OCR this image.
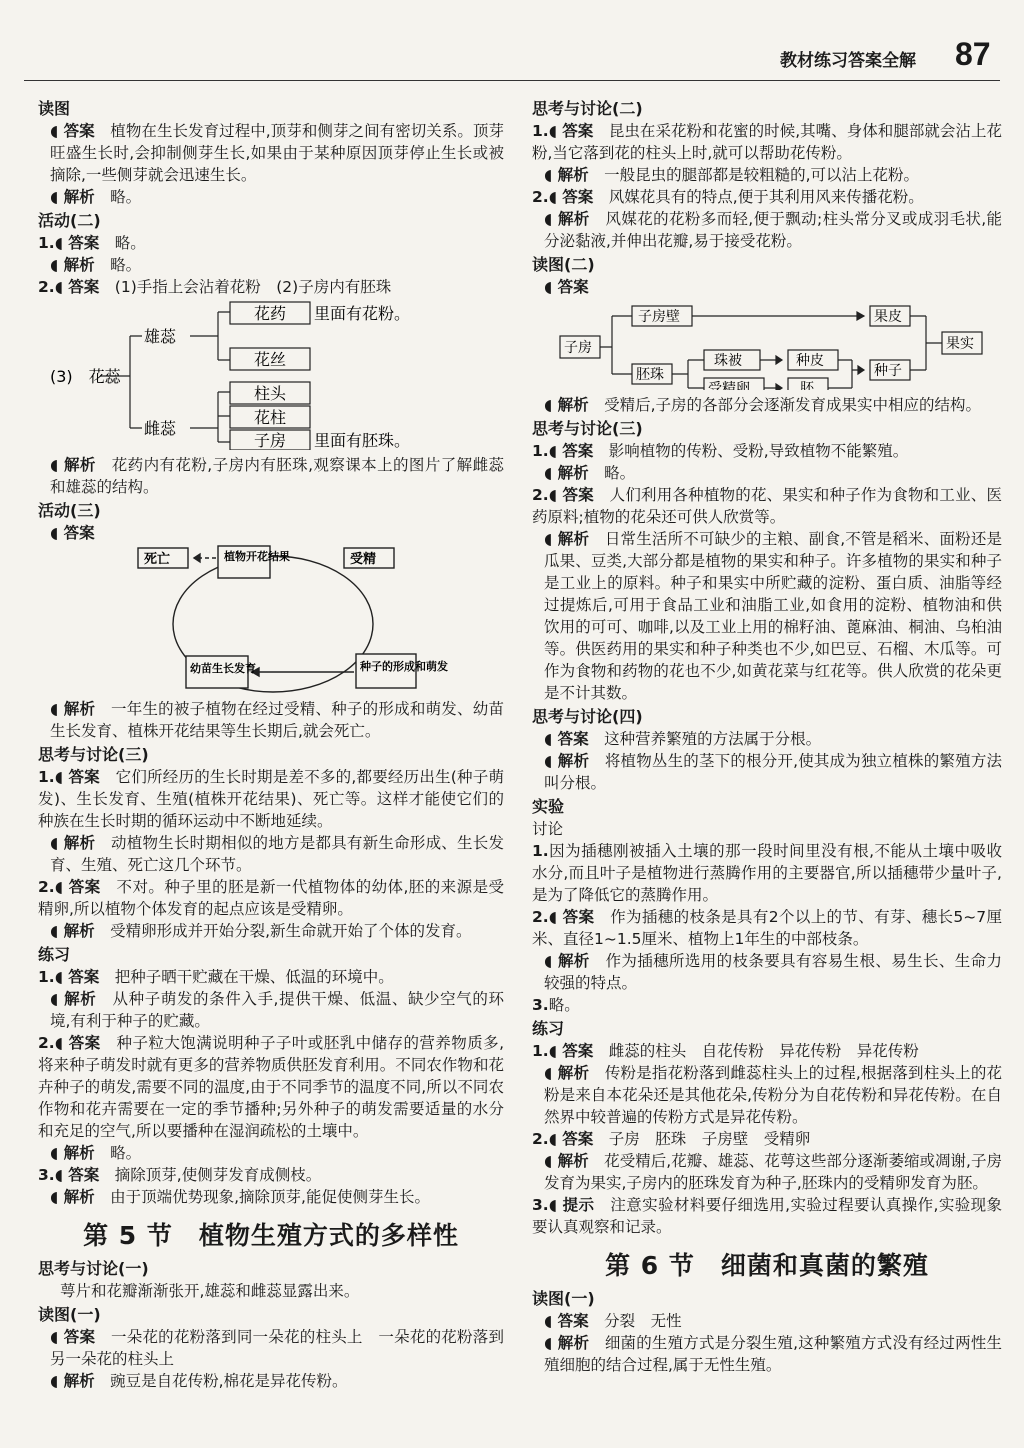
教材练习答案全解 87
读图
◖ 答案　 植物在生长发育过程中,顶芽和侧芽之间有密切关系。顶芽旺盛生长时,会抑制侧芽生长,如果由于某种原因顶芽停止生长或被摘除,一些侧芽就会迅速生长。
◖ 解析　 略。
活动(二)
1.◖ 答案　 略。
◖ 解析　 略。
2.◖ 答案　 (1)手指上会沾着花粉　(2)子房内有胚珠
(3)　花蕊
雄蕊
雌蕊
花药
花丝
柱头
花柱
子房
里面有花粉。
里面有胚珠。
◖ 解析　 花药内有花粉,子房内有胚珠,观察课本上的图片了解雌蕊和雄蕊的结构。
活动(三)
◖ 答案　
死亡	植物开花结果	受精
种子的形成和萌发
幼苗生长发育
◖ 解析　 一年生的被子植物在经过受精、种子的形成和萌发、幼苗生长发育、植株开花结果等生长期后,就会死亡。
思考与讨论(三)
1.◖ 答案　 它们所经历的生长时期是差不多的,都要经历出生(种子萌发)、生长发育、生殖(植株开花结果)、死亡等。这样才能使它们的种族在生长时期的循环运动中不断地延续。
◖ 解析　 动植物生长时期相似的地方是都具有新生命形成、生长发育、生殖、死亡这几个环节。
2.◖ 答案　 不对。种子里的胚是新一代植物体的幼体,胚的来源是受精卵,所以植物个体发育的起点应该是受精卵。
◖ 解析　 受精卵形成并开始分裂,新生命就开始了个体的发育。
练习
1.◖ 答案　 把种子晒干贮藏在干燥、低温的环境中。
◖ 解析　 从种子萌发的条件入手,提供干燥、低温、缺少空气的环境,有利于种子的贮藏。
2.◖ 答案　 种子粒大饱满说明种子子叶或胚乳中储存的营养物质多,将来种子萌发时就有更多的营养物质供胚发育利用。不同农作物和花卉种子的萌发,需要不同的温度,由于不同季节的温度不同,所以不同农作物和花卉需要在一定的季节播种;另外种子的萌发需要适量的水分和充足的空气,所以要播种在湿润疏松的土壤中。
◖ 解析　 略。
3.◖ 答案　 摘除顶芽,使侧芽发育成侧枝。
◖ 解析　 由于顶端优势现象,摘除顶芽,能促使侧芽生长。
第 5 节　植物生殖方式的多样性
思考与讨论(一)
萼片和花瓣渐渐张开,雄蕊和雌蕊显露出来。
读图(一)
◖ 答案　 一朵花的花粉落到同一朵花的柱头上　一朵花的花粉落到另一朵花的柱头上
◖ 解析　 豌豆是自花传粉,棉花是异花传粉。
思考与讨论(二)
1.◖ 答案　 昆虫在采花粉和花蜜的时候,其嘴、身体和腿部就会沾上花粉,当它落到花的柱头上时,就可以帮助花传粉。
◖ 解析　 一般昆虫的腿部都是较粗糙的,可以沾上花粉。
2.◖ 答案　 风媒花具有的特点,便于其利用风来传播花粉。
◖ 解析　 风媒花的花粉多而轻,便于飘动;柱头常分叉或成羽毛状,能分泌黏液,并伸出花瓣,易于接受花粉。
读图(二)
◖ 答案　
子房
子房壁
胚珠
珠被
受精卵
种皮
胚
果皮
种子
果实
◖ 解析　 受精后,子房的各部分会逐渐发育成果实中相应的结构。
思考与讨论(三)
1.◖ 答案　 影响植物的传粉、受粉,导致植物不能繁殖。
◖ 解析　 略。
2.◖ 答案　 人们利用各种植物的花、果实和种子作为食物和工业、医药原料;植物的花朵还可供人欣赏等。
◖ 解析　 日常生活所不可缺少的主粮、副食,不管是稻米、面粉还是瓜果、豆类,大部分都是植物的果实和种子。许多植物的果实和种子是工业上的原料。种子和果实中所贮藏的淀粉、蛋白质、油脂等经过提炼后,可用于食品工业和油脂工业,如食用的淀粉、植物油和供饮用的可可、咖啡,以及工业上用的棉籽油、蓖麻油、桐油、乌桕油等。供医药用的果实和种子种类也不少,如巴豆、石榴、木瓜等。可作为食物和药物的花也不少,如黄花菜与红花等。供人欣赏的花朵更是不计其数。
思考与讨论(四)
◖ 答案　 这种营养繁殖的方法属于分根。
◖ 解析　 将植物丛生的茎下的根分开,使其成为独立植株的繁殖方法叫分根。
实验
讨论
1.因为插穗刚被插入土壤的那一段时间里没有根,不能从土壤中吸收水分,而且叶子是植物进行蒸腾作用的主要器官,所以插穗带少量叶子,是为了降低它的蒸腾作用。
2.◖ 答案　 作为插穗的枝条是具有2个以上的节、有芽、穗长5~7厘米、直径1~1.5厘米、植物上1年生的中部枝条。
◖ 解析　 作为插穗所选用的枝条要具有容易生根、易生长、生命力较强的特点。
3.略。
练习
1.◖ 答案　 雌蕊的柱头　自花传粉　异花传粉　异花传粉
◖ 解析　 传粉是指花粉落到雌蕊柱头上的过程,根据落到柱头上的花粉是来自本花朵还是其他花朵,传粉分为自花传粉和异花传粉。在自然界中较普遍的传粉方式是异花传粉。
2.◖ 答案　 子房　胚珠　子房壁　受精卵
◖ 解析　 花受精后,花瓣、雄蕊、花萼这些部分逐渐萎缩或凋谢,子房发育为果实,子房内的胚珠发育为种子,胚珠内的受精卵发育为胚。
3.◖ 提示　 注意实验材料要仔细选用,实验过程要认真操作,实验现象要认真观察和记录。
第 6 节　细菌和真菌的繁殖
读图(一)
◖ 答案　 分裂　无性
◖ 解析　 细菌的生殖方式是分裂生殖,这种繁殖方式没有经过两性生殖细胞的结合过程,属于无性生殖。
